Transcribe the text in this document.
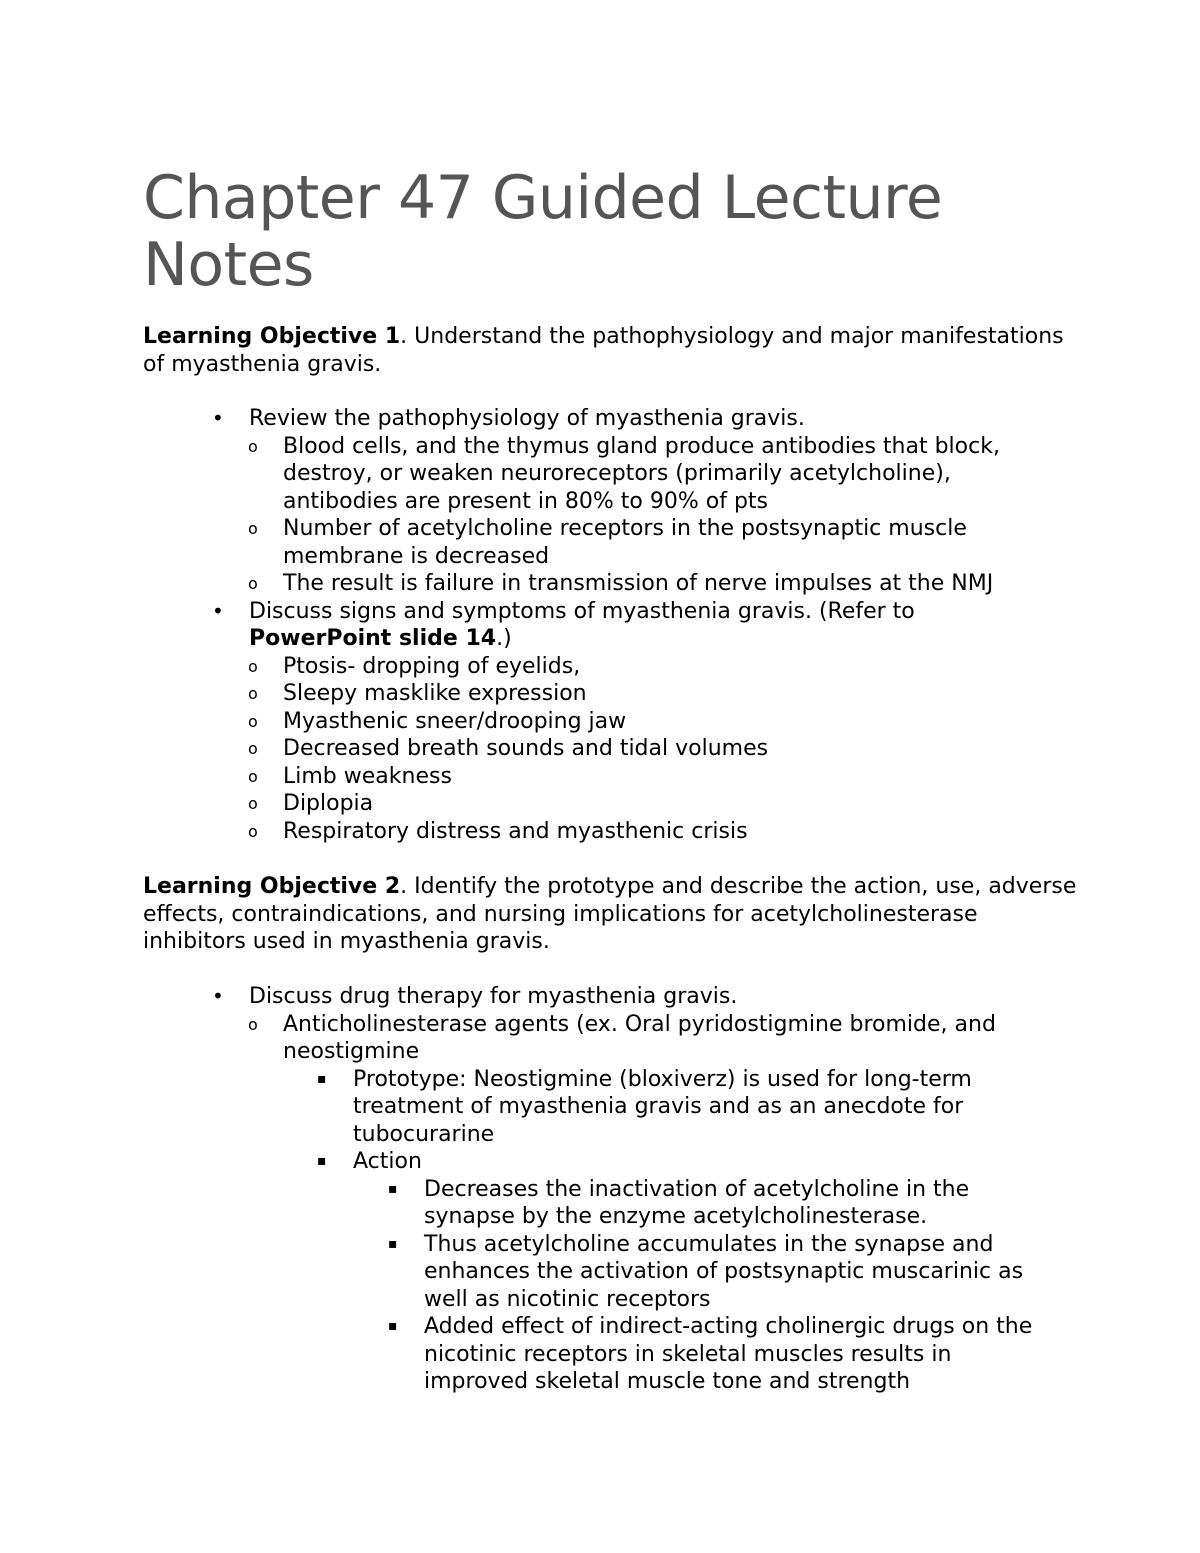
Chapter 47 Guided Lecture Notes

Learning Objective 1. Understand the pathophysiology and major manifestations of myasthenia gravis.

• Review the pathophysiology of myasthenia gravis.
o Blood cells, and the thymus gland produce antibodies that block, destroy, or weaken neuroreceptors (primarily acetylcholine), antibodies are present in 80% to 90% of pts
o Number of acetylcholine receptors in the postsynaptic muscle membrane is decreased
o The result is failure in transmission of nerve impulses at the NMJ
• Discuss signs and symptoms of myasthenia gravis. (Refer to PowerPoint slide 14.)
o Ptosis- dropping of eyelids,
o Sleepy masklike expression
o Myasthenic sneer/drooping jaw
o Decreased breath sounds and tidal volumes
o Limb weakness
o Diplopia
o Respiratory distress and myasthenic crisis

Learning Objective 2. Identify the prototype and describe the action, use, adverse effects, contraindications, and nursing implications for acetylcholinesterase inhibitors used in myasthenia gravis.

• Discuss drug therapy for myasthenia gravis.
o Anticholinesterase agents (ex. Oral pyridostigmine bromide, and neostigmine
▪ Prototype: Neostigmine (bloxiverz) is used for long-term treatment of myasthenia gravis and as an anecdote for tubocurarine
▪ Action
▪ Decreases the inactivation of acetylcholine in the synapse by the enzyme acetylcholinesterase.
▪ Thus acetylcholine accumulates in the synapse and enhances the activation of postsynaptic muscarinic as well as nicotinic receptors
▪ Added effect of indirect-acting cholinergic drugs on the nicotinic receptors in skeletal muscles results in improved skeletal muscle tone and strength
